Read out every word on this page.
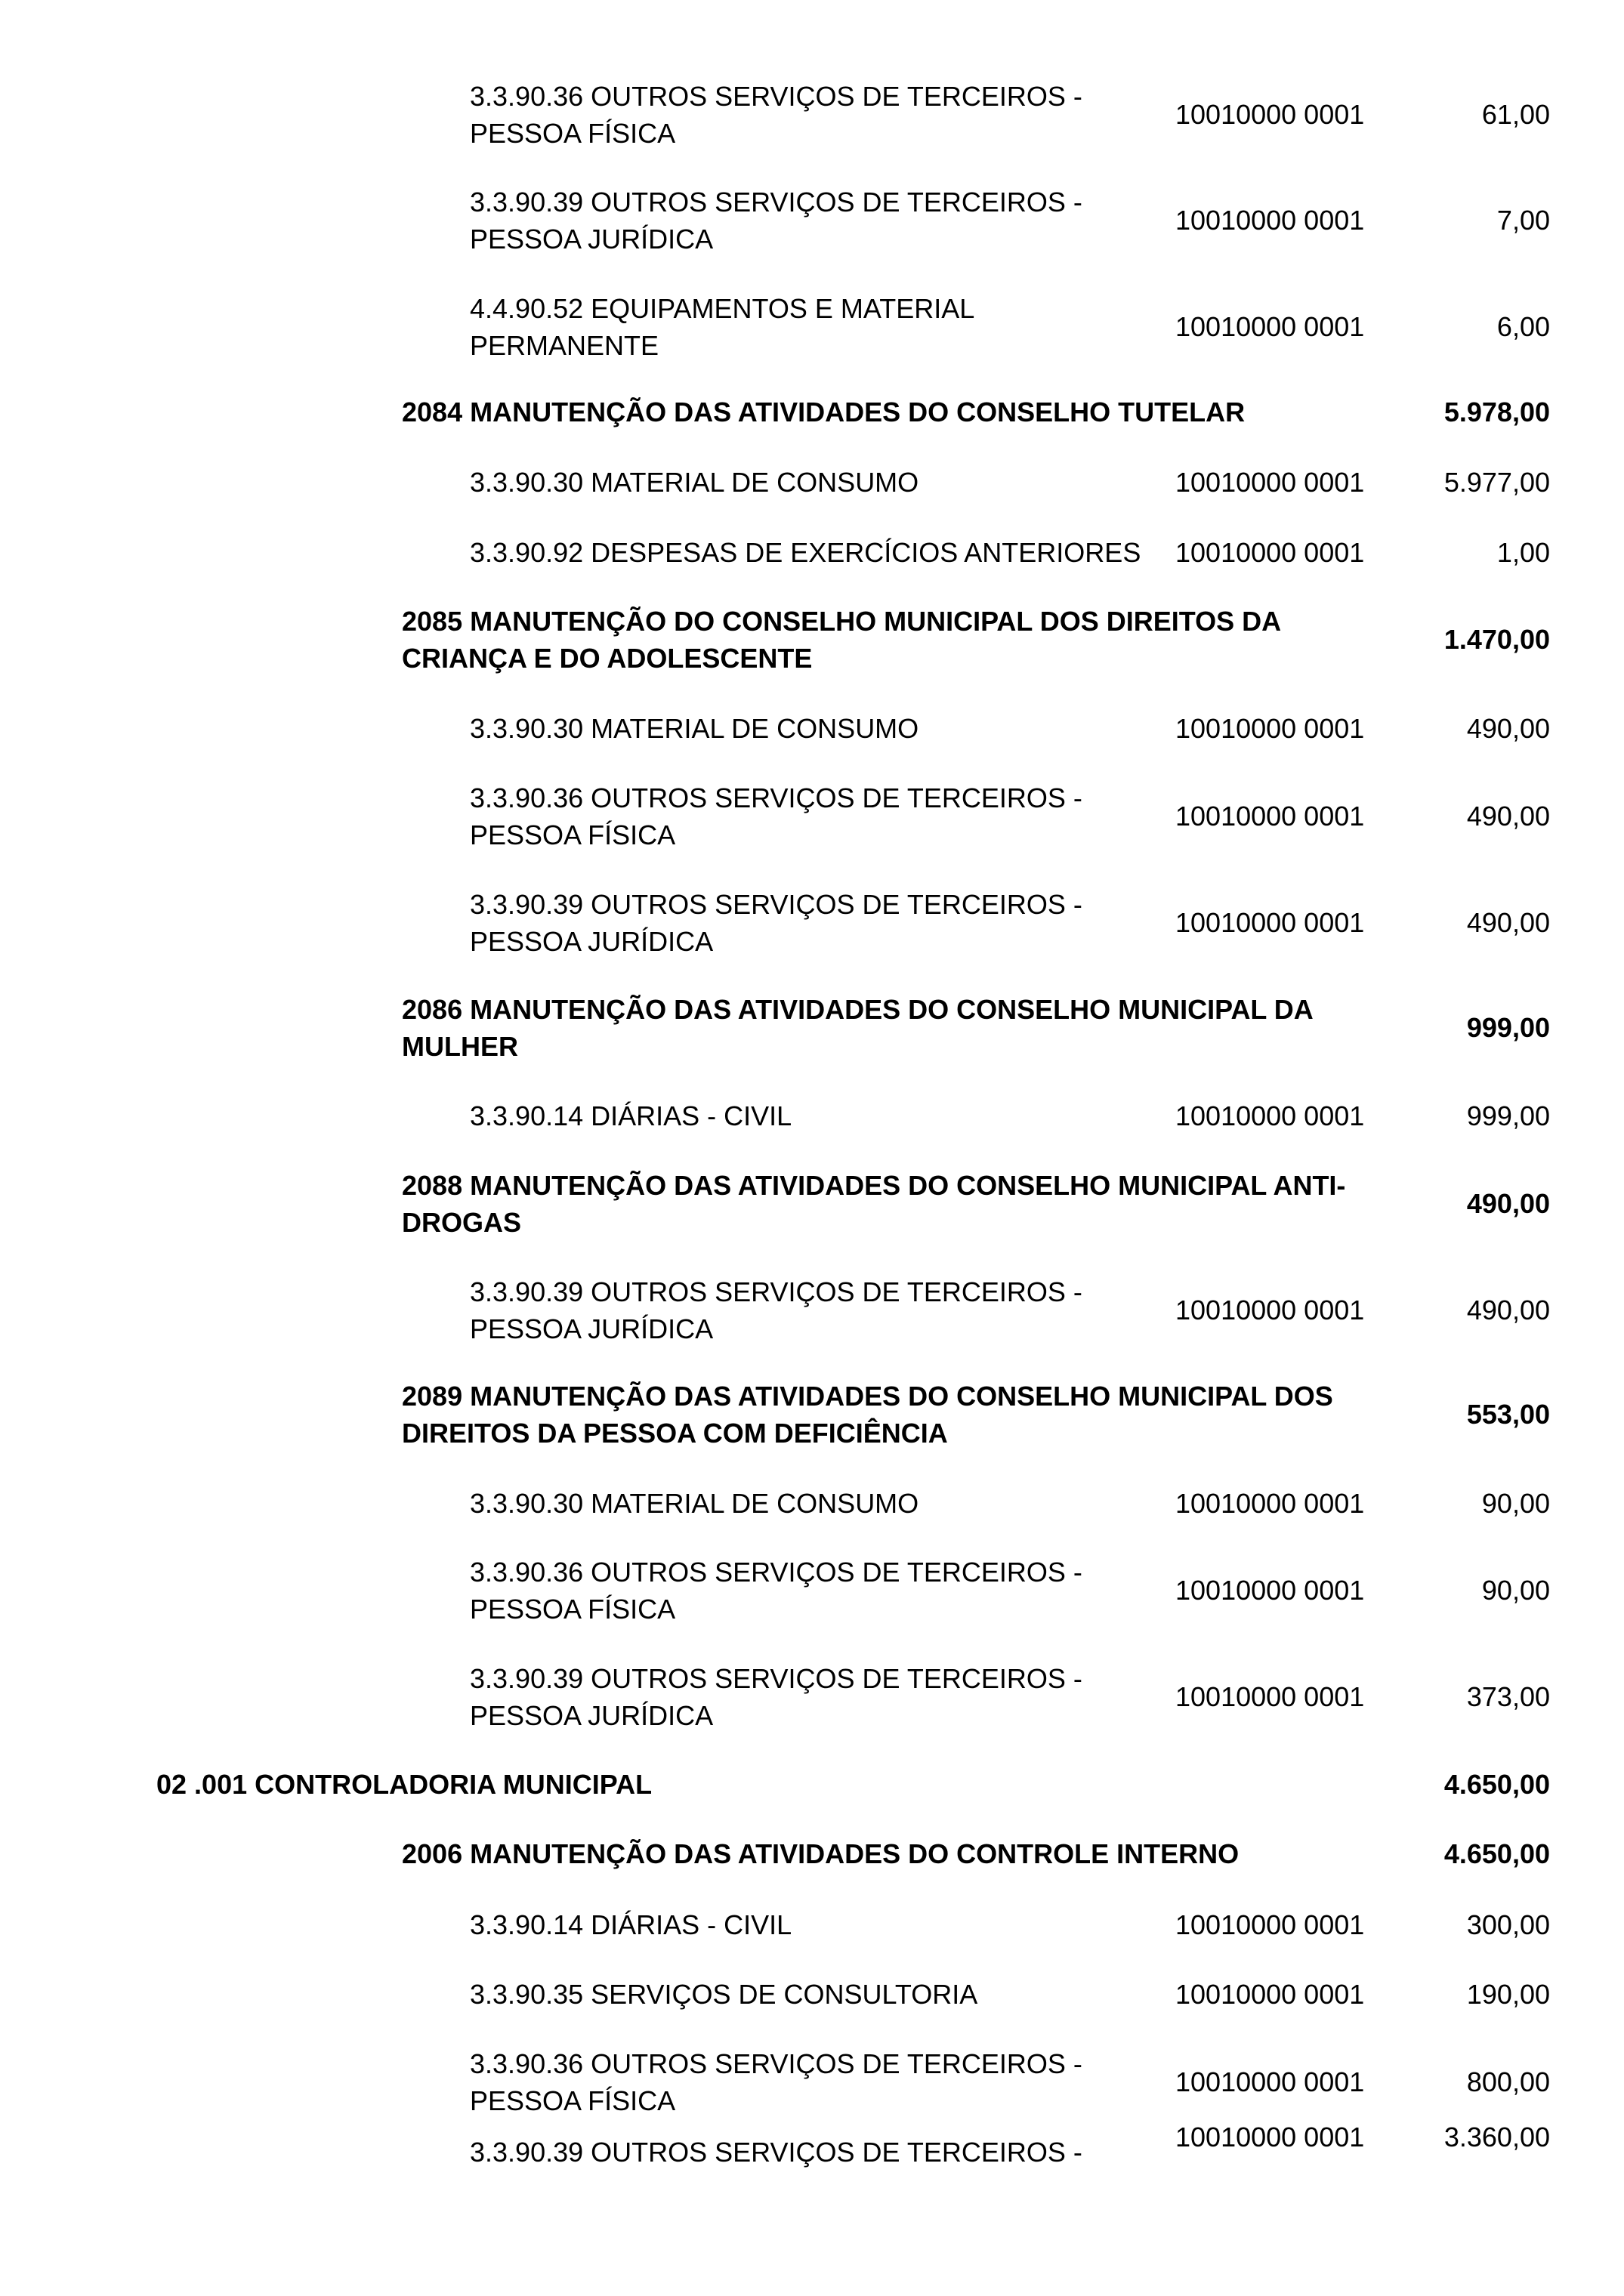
3.3.90.36 OUTROS SERVIÇOS DE TERCEIROS -
PESSOA FÍSICA
10010000 0001	61,00
3.3.90.39 OUTROS SERVIÇOS DE TERCEIROS -
PESSOA JURÍDICA
10010000 0001	7,00
4.4.90.52 EQUIPAMENTOS E MATERIAL
PERMANENTE
10010000 0001	6,00
2084 MANUTENÇÃO DAS ATIVIDADES DO CONSELHO TUTELAR	5.978,00
3.3.90.30 MATERIAL DE CONSUMO	10010000 0001	5.977,00
3.3.90.92 DESPESAS DE EXERCÍCIOS ANTERIORES	10010000 0001	1,00
2085 MANUTENÇÃO DO CONSELHO MUNICIPAL DOS DIREITOS DA
CRIANÇA E DO ADOLESCENTE
1.470,00
3.3.90.30 MATERIAL DE CONSUMO	10010000 0001	490,00
3.3.90.36 OUTROS SERVIÇOS DE TERCEIROS -
PESSOA FÍSICA
10010000 0001	490,00
3.3.90.39 OUTROS SERVIÇOS DE TERCEIROS -
PESSOA JURÍDICA
10010000 0001	490,00
2086 MANUTENÇÃO DAS ATIVIDADES DO CONSELHO MUNICIPAL DA
MULHER
999,00
3.3.90.14 DIÁRIAS - CIVIL	10010000 0001	999,00
2088 MANUTENÇÃO DAS ATIVIDADES DO CONSELHO MUNICIPAL ANTI-
DROGAS
490,00
3.3.90.39 OUTROS SERVIÇOS DE TERCEIROS -
PESSOA JURÍDICA
10010000 0001	490,00
2089 MANUTENÇÃO DAS ATIVIDADES DO CONSELHO MUNICIPAL DOS
DIREITOS DA PESSOA COM DEFICIÊNCIA
553,00
3.3.90.30 MATERIAL DE CONSUMO	10010000 0001	90,00
3.3.90.36 OUTROS SERVIÇOS DE TERCEIROS -
PESSOA FÍSICA
10010000 0001	90,00
3.3.90.39 OUTROS SERVIÇOS DE TERCEIROS -
PESSOA JURÍDICA
10010000 0001	373,00
02 .001 CONTROLADORIA MUNICIPAL	4.650,00
2006 MANUTENÇÃO DAS ATIVIDADES DO CONTROLE INTERNO	4.650,00
3.3.90.14 DIÁRIAS - CIVIL	10010000 0001	300,00
3.3.90.35 SERVIÇOS DE CONSULTORIA	10010000 0001	190,00
3.3.90.36 OUTROS SERVIÇOS DE TERCEIROS -
PESSOA FÍSICA
10010000 0001	800,00
3.3.90.39 OUTROS SERVIÇOS DE TERCEIROS -	10010000 0001	3.360,00
